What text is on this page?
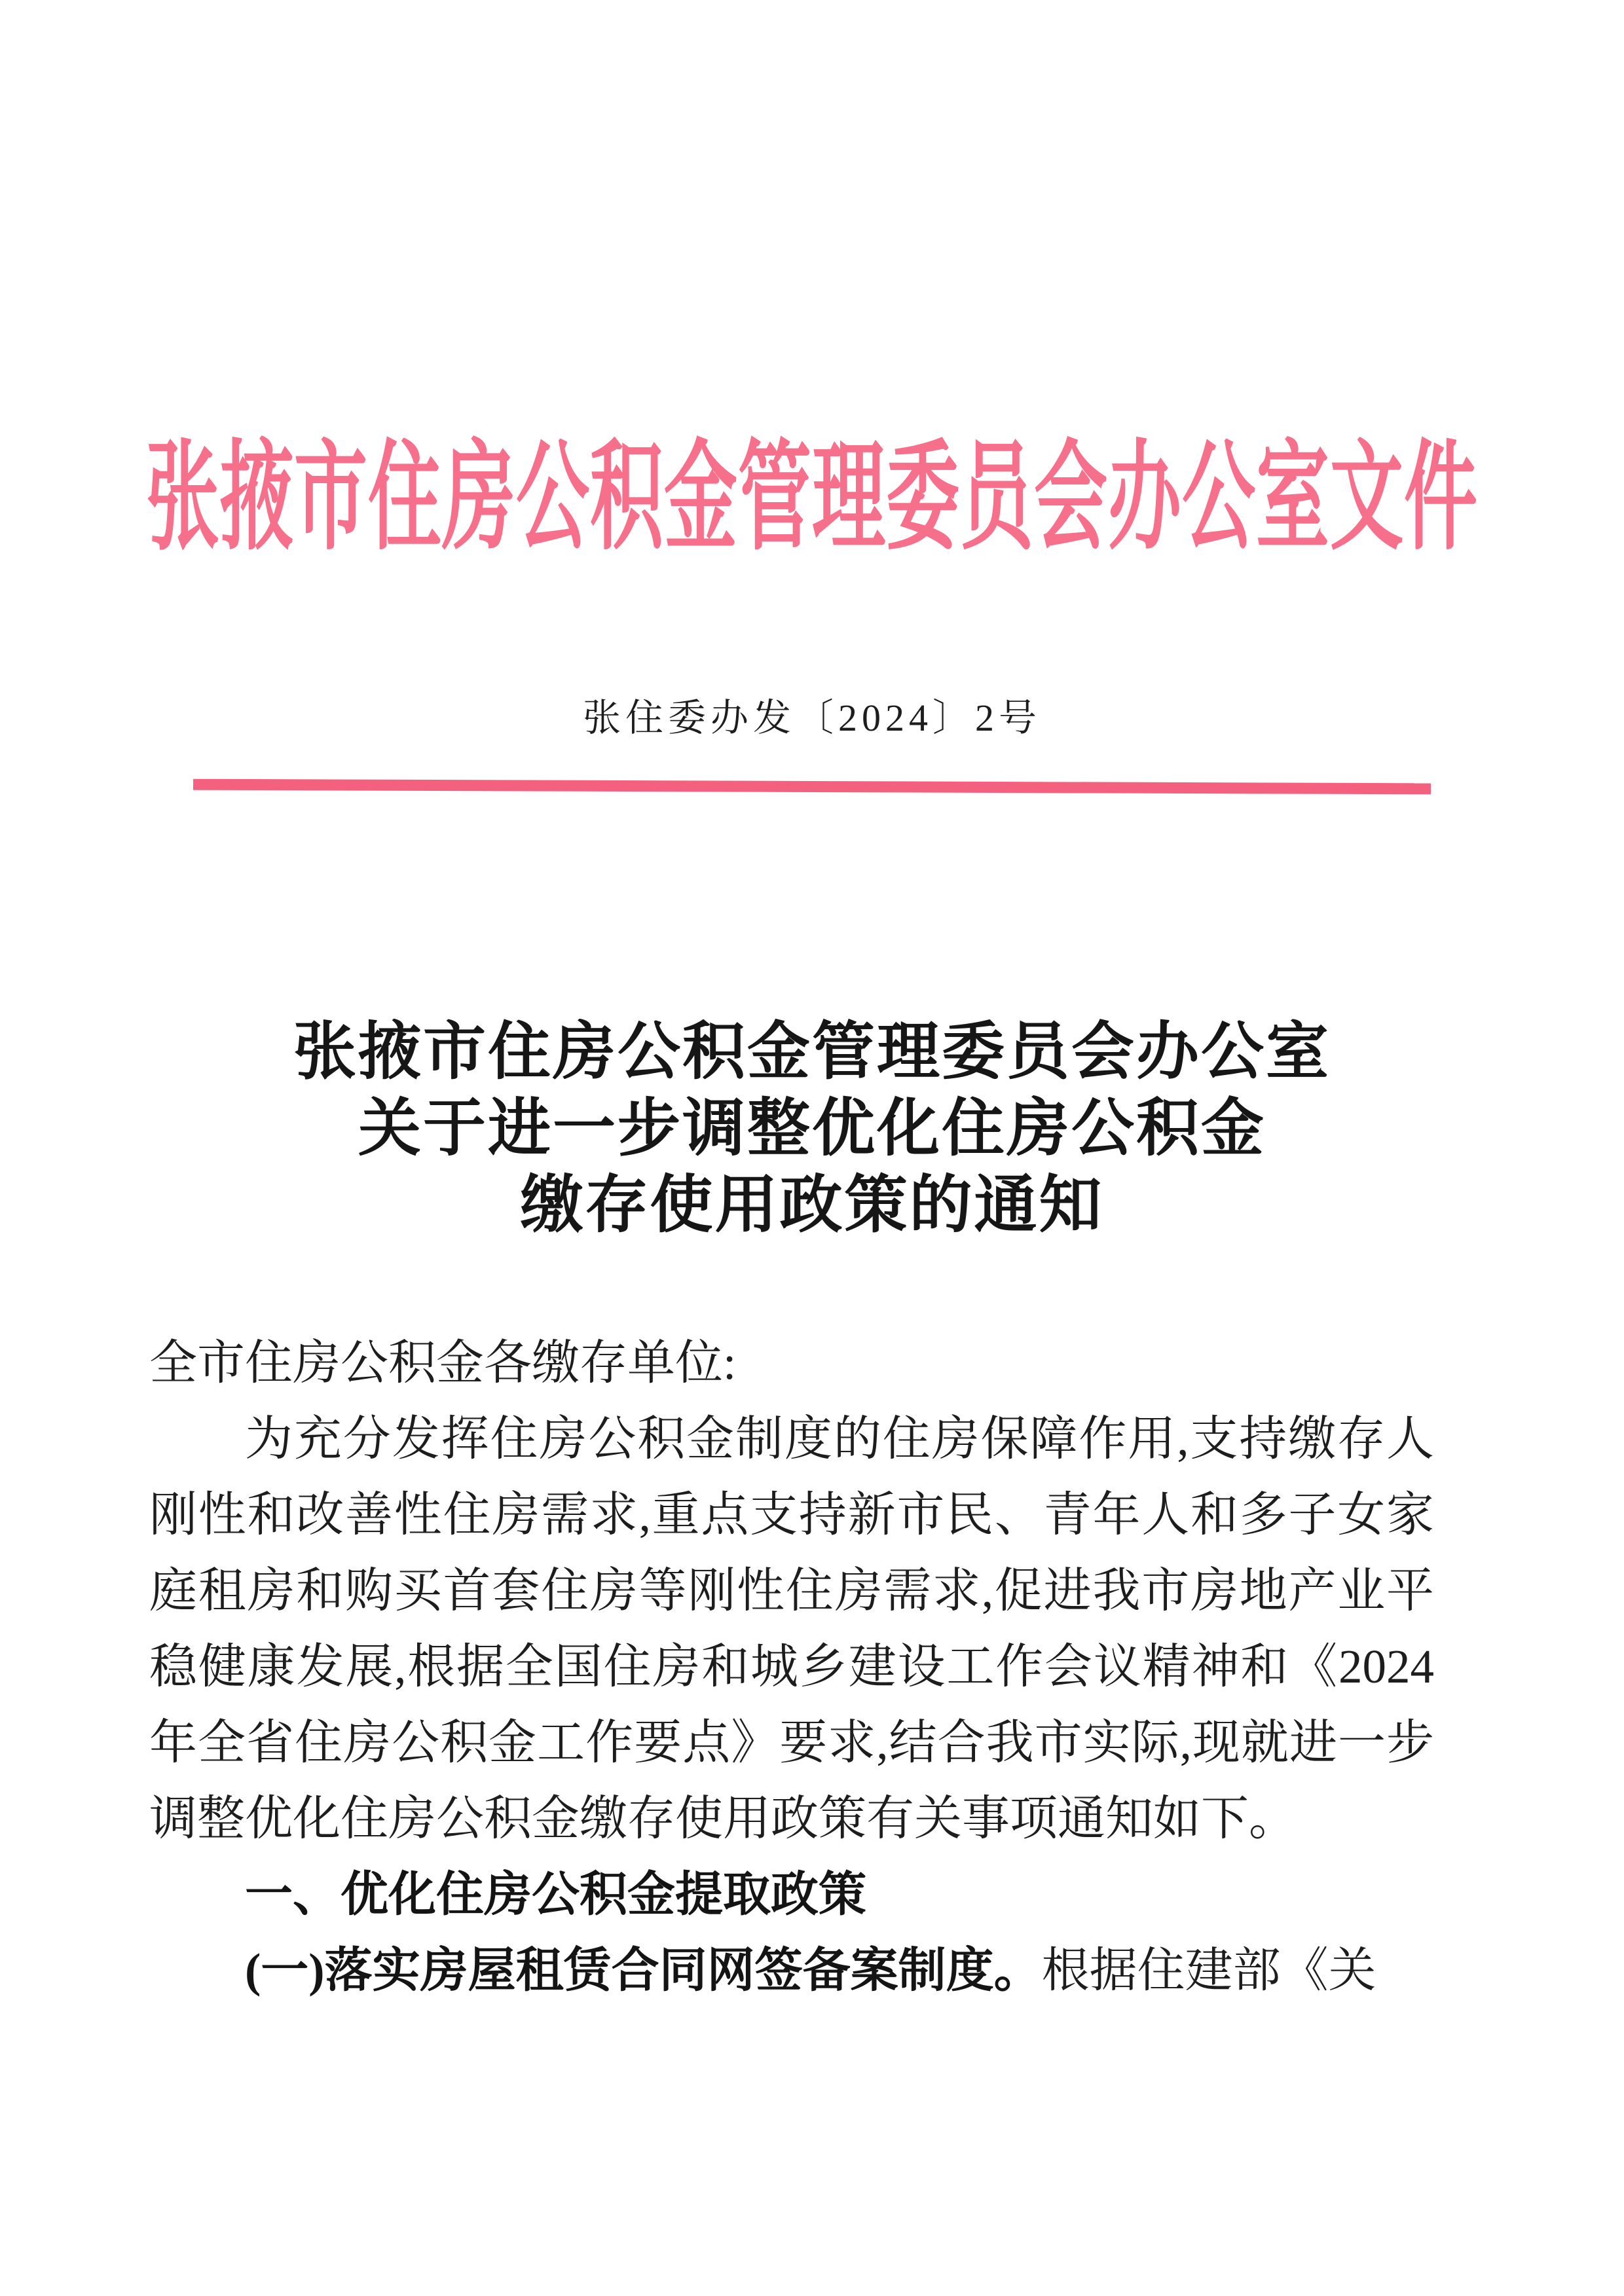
张掖市住房公积金管理委员会办公室文件
张住委办发〔2024〕2号
张掖市住房公积金管理委员会办公室
关于进一步调整优化住房公积金
缴存使用政策的通知

全市住房公积金各缴存单位:

为充分发挥住房公积金制度的住房保障作用,支持缴存人刚性和改善性住房需求,重点支持新市民、青年人和多子女家庭租房和购买首套住房等刚性住房需求,促进我市房地产业平稳健康发展,根据全国住房和城乡建设工作会议精神和《2024年全省住房公积金工作要点》要求,结合我市实际,现就进一步调整优化住房公积金缴存使用政策有关事项通知如下。

一、优化住房公积金提取政策

(一)落实房屋租赁合同网签备案制度。根据住建部《关
